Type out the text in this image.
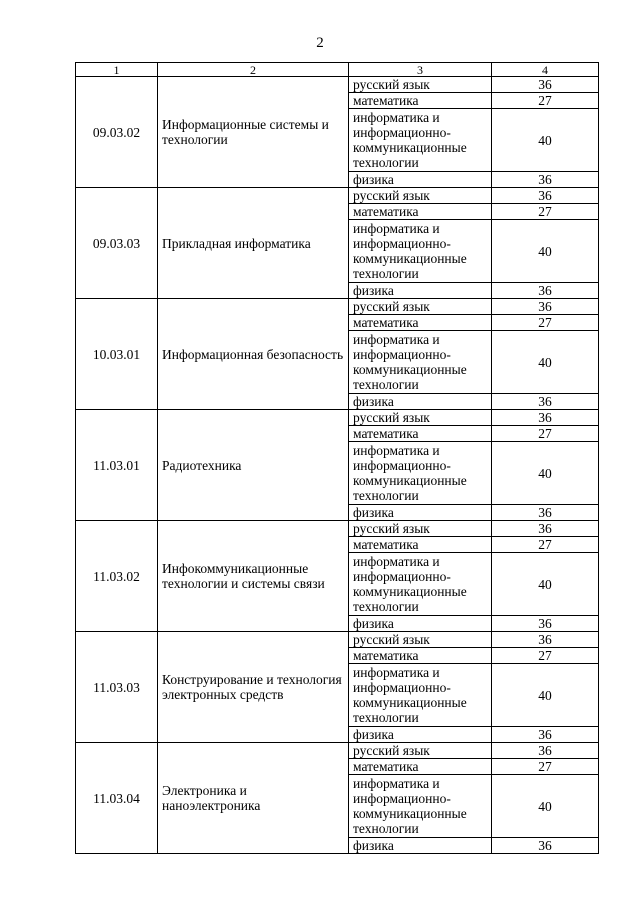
2
1	2	3	4
09.03.02	Информационные системы и технологии	русский язык	36
		математика	27
		информатика и информационно-коммуникационные технологии	40
		физика	36
09.03.03	Прикладная информатика	русский язык	36
		математика	27
		информатика и информационно-коммуникационные технологии	40
		физика	36
10.03.01	Информационная безопасность	русский язык	36
		математика	27
		информатика и информационно-коммуникационные технологии	40
		физика	36
11.03.01	Радиотехника	русский язык	36
		математика	27
		информатика и информационно-коммуникационные технологии	40
		физика	36
11.03.02	Инфокоммуникационные технологии и системы связи	русский язык	36
		математика	27
		информатика и информационно-коммуникационные технологии	40
		физика	36
11.03.03	Конструирование и технология электронных средств	русский язык	36
		математика	27
		информатика и информационно-коммуникационные технологии	40
		физика	36
11.03.04	Электроника и наноэлектроника	русский язык	36
		математика	27
		информатика и информационно-коммуникационные технологии	40
		физика	36
